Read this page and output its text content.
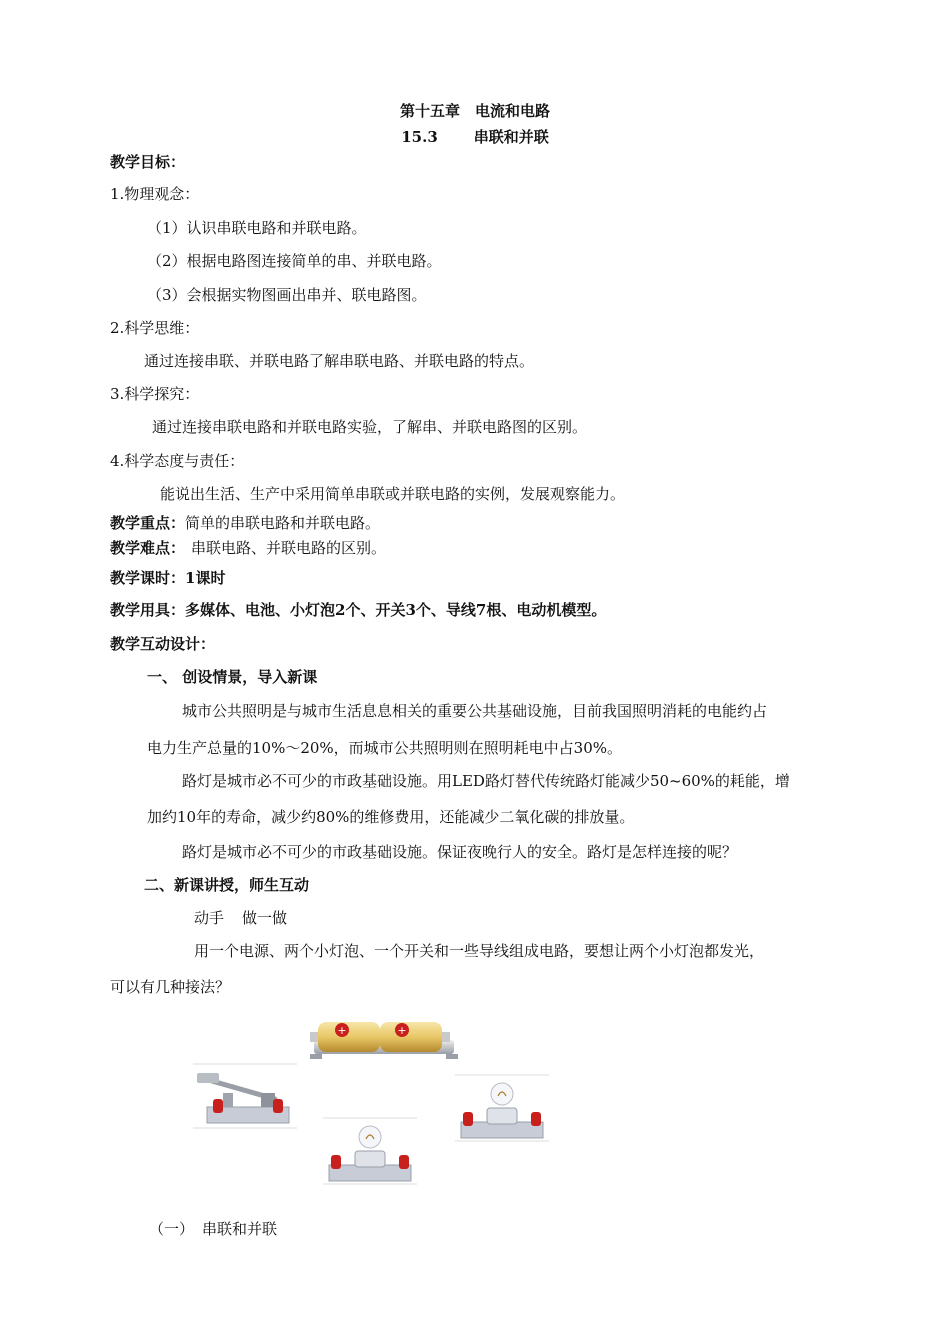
第十五章　电流和电路
15.3 串联和并联
教学目标：
1.物理观念：
（1）认识串联电路和并联电路。
（2）根据电路图连接简单的串、并联电路。
（3）会根据实物图画出串并、联电路图。
2.科学思维：
通过连接串联、并联电路了解串联电路、并联电路的特点。
3.科学探究：
通过连接串联电路和并联电路实验，了解串、并联电路图的区别。
4.科学态度与责任：
能说出生活、生产中采用简单串联或并联电路的实例，发展观察能力。
教学重点：简单的串联电路和并联电路。
教学难点： 串联电路、并联电路的区别。
教学课时：1课时
教学用具：多媒体、电池、小灯泡2个、开关3个、导线7根、电动机模型。
教学互动设计：
一、 创设情景，导入新课
城市公共照明是与城市生活息息相关的重要公共基础设施，目前我国照明消耗的电能约占
电力生产总量的10%～20%，而城市公共照明则在照明耗电中占30%。
路灯是城市必不可少的市政基础设施。用LED路灯替代传统路灯能减少50~60%的耗能，增
加约10年的寿命，减少约80%的维修费用，还能减少二氧化碳的排放量。
路灯是城市必不可少的市政基础设施。保证夜晚行人的安全。路灯是怎样连接的呢？
二、新课讲授，师生互动
动手 做一做
用一个电源、两个小灯泡、一个开关和一些导线组成电路，要想让两个小灯泡都发光，
可以有几种接法？
+	+
（一） 串联和并联
